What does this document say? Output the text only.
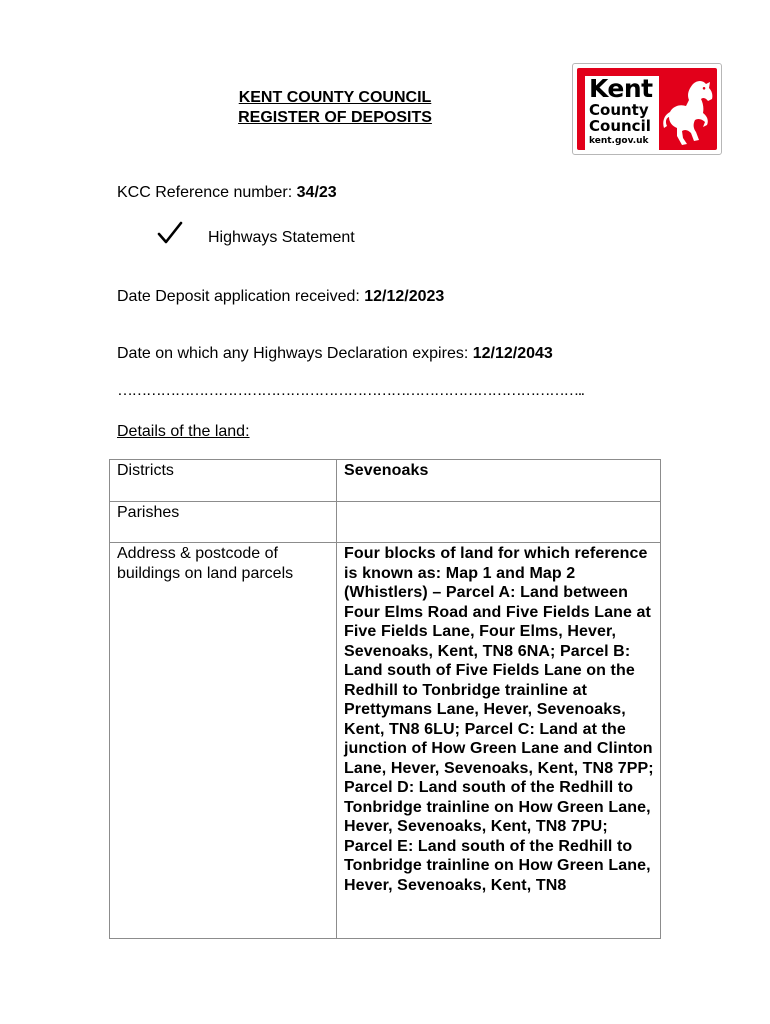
KENT COUNTY COUNCIL
REGISTER OF DEPOSITS
Kent
County
Council
kent.gov.uk
KCC Reference number: 34/23
Highways Statement
Date Deposit application received: 12/12/2023
Date on which any Highways Declaration expires: 12/12/2043
……………………………………………………………………………………..
Details of the land:
Districts	Sevenoaks
Parishes	
Address & postcode of buildings on land parcels	Four blocks of land for which reference is known as: Map 1 and Map 2 (Whistlers) – Parcel A: Land between Four Elms Road and Five Fields Lane at Five Fields Lane, Four Elms, Hever, Sevenoaks, Kent, TN8 6NA; Parcel B: Land south of Five Fields Lane on the Redhill to Tonbridge trainline at Prettymans Lane, Hever, Sevenoaks, Kent, TN8 6LU; Parcel C: Land at the junction of How Green Lane and Clinton Lane, Hever, Sevenoaks, Kent, TN8 7PP; Parcel D: Land south of the Redhill to Tonbridge trainline on How Green Lane, Hever, Sevenoaks, Kent, TN8 7PU; Parcel E: Land south of the Redhill to Tonbridge trainline on How Green Lane, Hever, Sevenoaks, Kent, TN8
